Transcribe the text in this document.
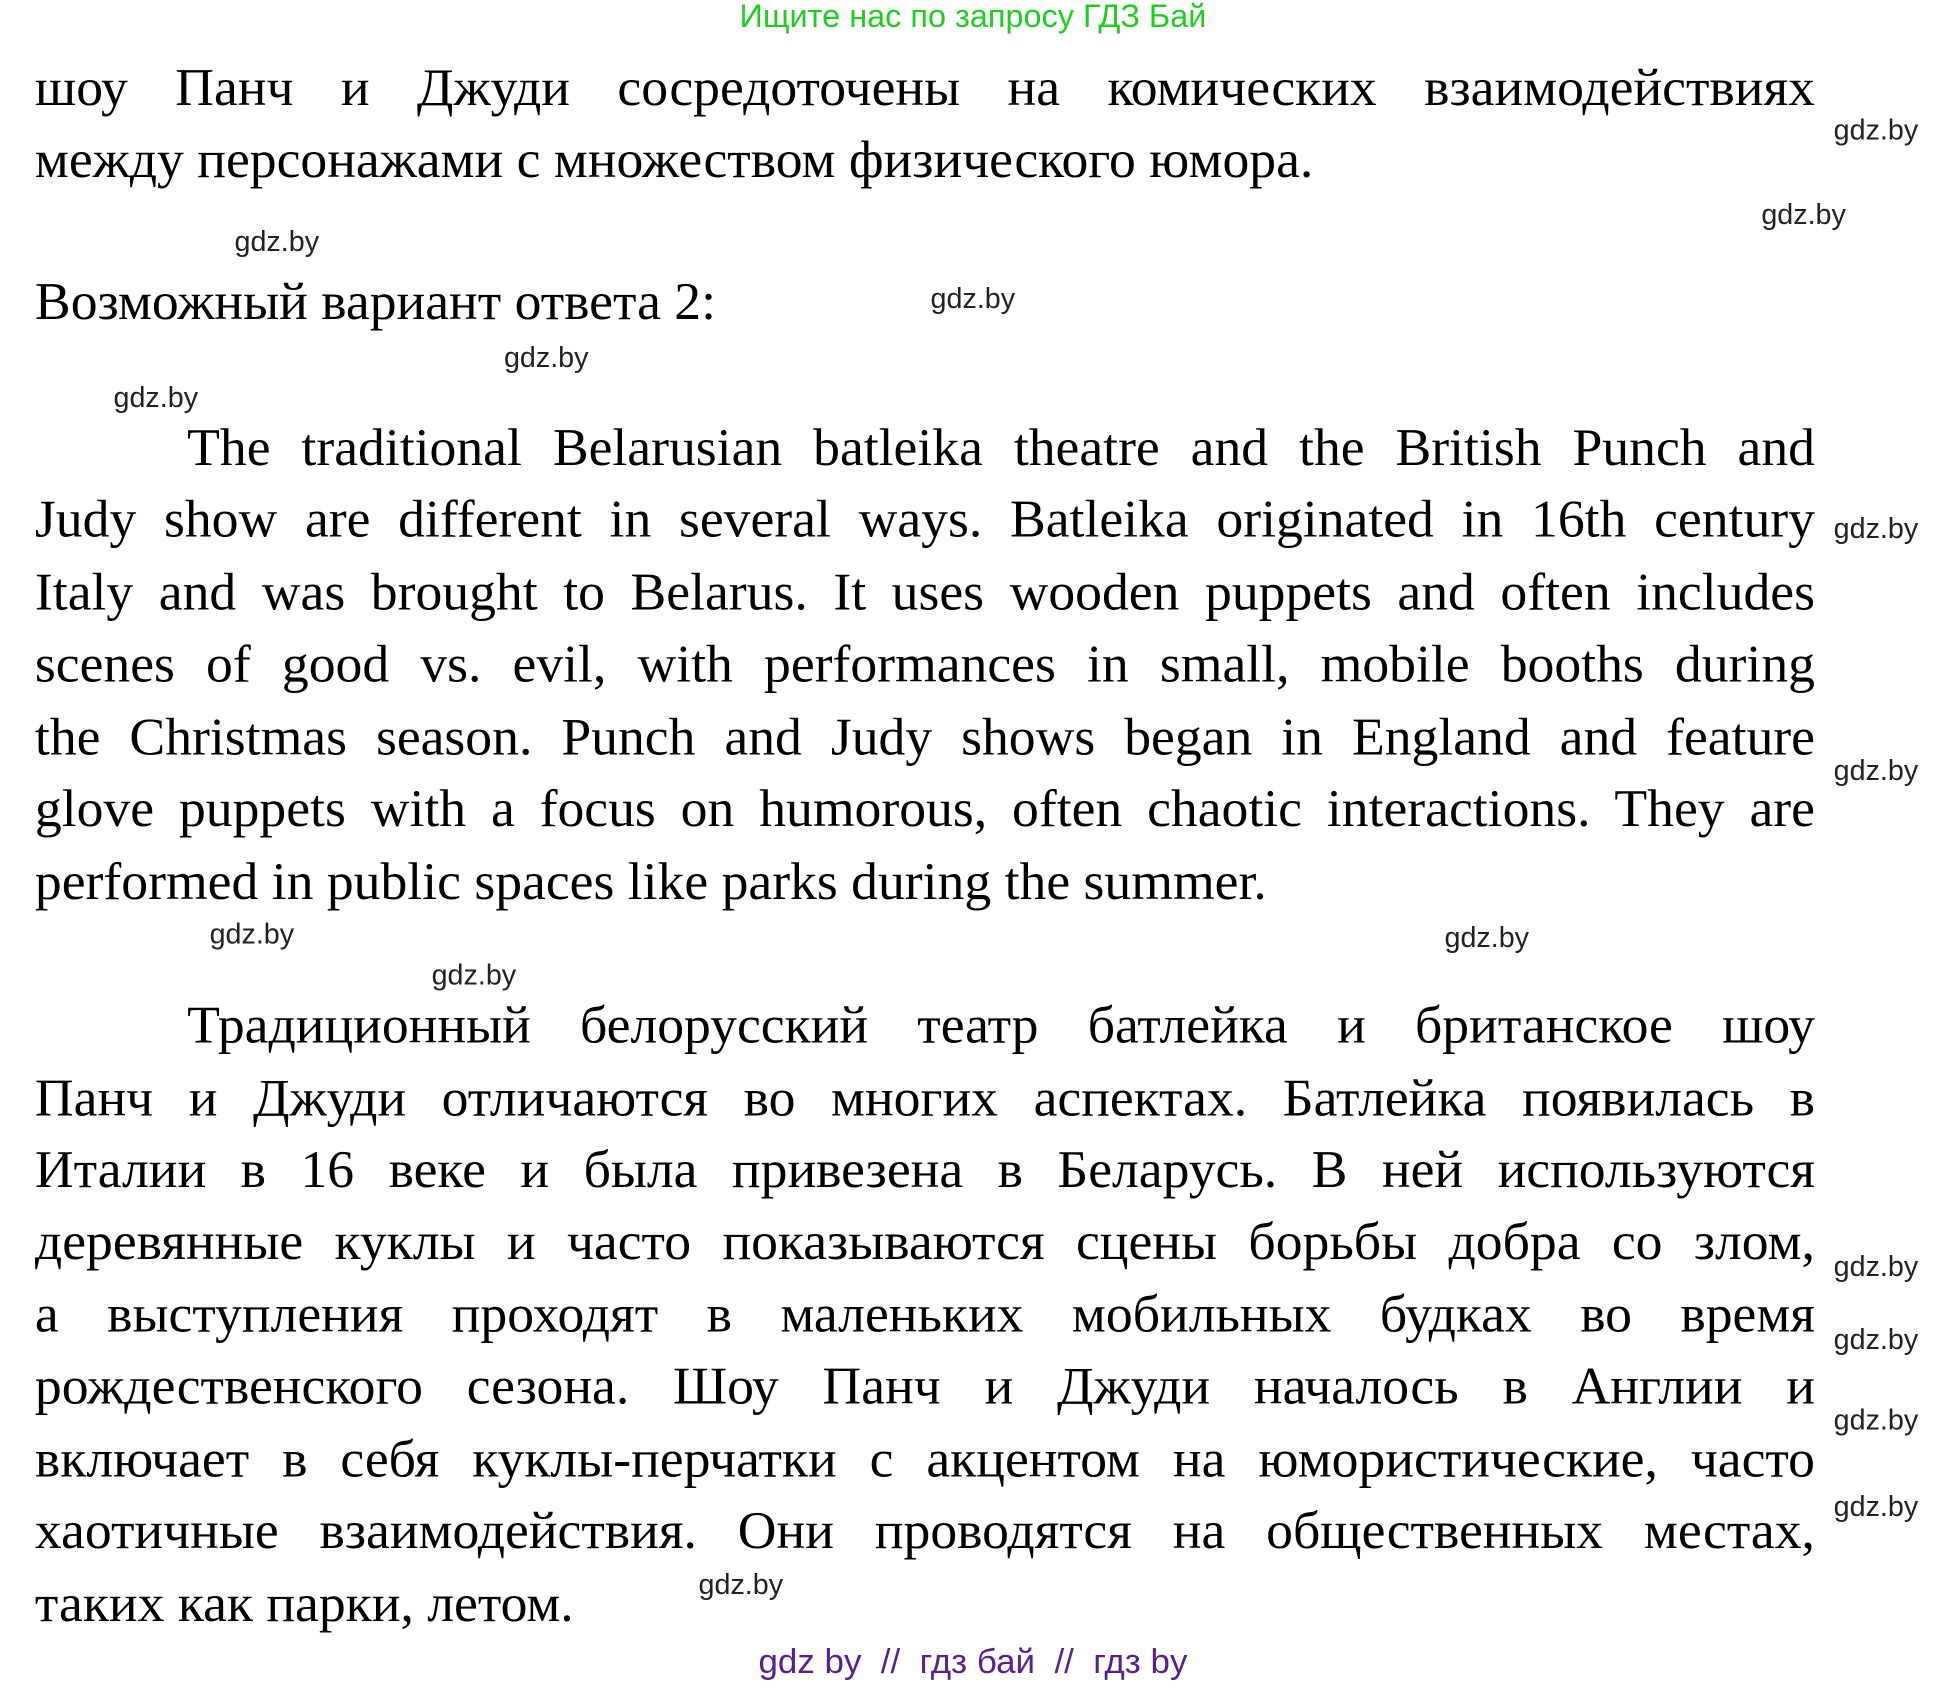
Ищите нас по запросу ГДЗ Бай
шоу Панч и Джуди сосредоточены на комических взаимодействиях
между персонажами с множеством физического юмора.
Возможный вариант ответа 2:
The traditional Belarusian batleika theatre and the British Punch and
Judy show are different in several ways. Batleika originated in 16th century
Italy and was brought to Belarus. It uses wooden puppets and often includes
scenes of good vs. evil, with performances in small, mobile booths during
the Christmas season. Punch and Judy shows began in England and feature
glove puppets with a focus on humorous, often chaotic interactions. They are
performed in public spaces like parks during the summer.
Традиционный белорусский театр батлейка и британское шоу
Панч и Джуди отличаются во многих аспектах. Батлейка появилась в
Италии в 16 веке и была привезена в Беларусь. В ней используются
деревянные куклы и часто показываются сцены борьбы добра со злом,
а выступления проходят в маленьких мобильных будках во время
рождественского сезона. Шоу Панч и Джуди началось в Англии и
включает в себя куклы-перчатки с акцентом на юмористические, часто
хаотичные взаимодействия. Они проводятся на общественных местах,
таких как парки, летом.
gdz.by
gdz.by
gdz.by
gdz.by
gdz.by
gdz.by
gdz.by
gdz.by
gdz.by
gdz.by
gdz.by
gdz.by
gdz.by
gdz.by
gdz.by
gdz.by
gdz by  //  гдз бай  //  гдз by
